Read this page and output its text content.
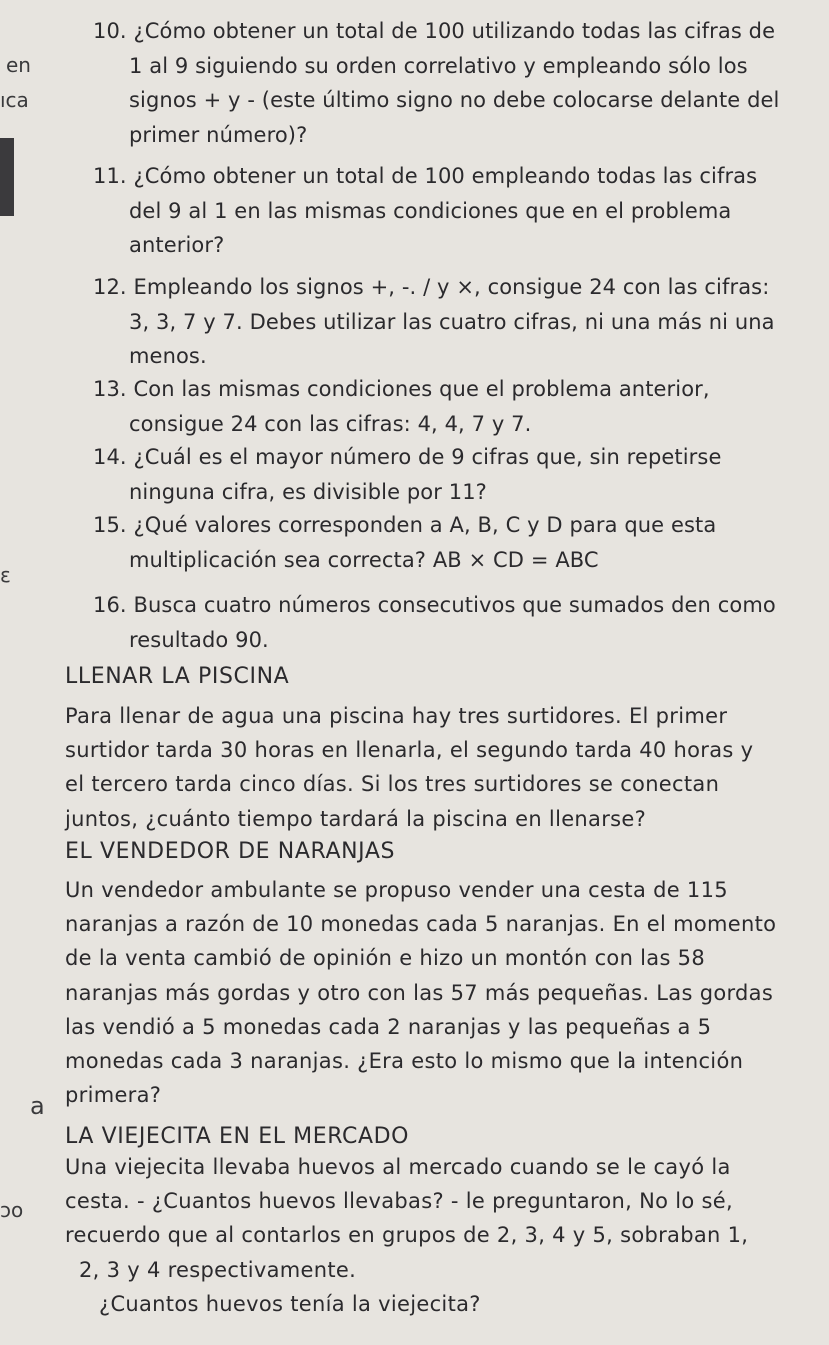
en
ıca
ε
a
ɔo
10. ¿Cómo obtener un total de 100 utilizando todas las cifras de
1 al 9 siguiendo su orden correlativo y empleando sólo los
signos + y - (este último signo no debe colocarse delante del
primer número)?
11. ¿Cómo obtener un total de 100 empleando todas las cifras
del 9 al 1 en las mismas condiciones que en el problema
anterior?
12. Empleando los signos +, -. / y ×, consigue 24 con las cifras:
3, 3, 7 y 7. Debes utilizar las cuatro cifras, ni una más ni una
menos.
13. Con las mismas condiciones que el problema anterior,
consigue 24 con las cifras: 4, 4, 7 y 7.
14. ¿Cuál es el mayor número de 9 cifras que, sin repetirse
ninguna cifra, es divisible por 11?
15. ¿Qué valores corresponden a A, B, C y D para que esta
multiplicación sea correcta? AB × CD = ABC
16. Busca cuatro números consecutivos que sumados den como
resultado 90.
LLENAR LA PISCINA
Para llenar de agua una piscina hay tres surtidores. El primer
surtidor tarda 30 horas en llenarla, el segundo tarda 40 horas y
el tercero tarda cinco días. Si los tres surtidores se conectan
juntos, ¿cuánto tiempo tardará la piscina en llenarse?
EL VENDEDOR DE NARANJAS
Un vendedor ambulante se propuso vender una cesta de 115
naranjas a razón de 10 monedas cada 5 naranjas. En el momento
de la venta cambió de opinión e hizo un montón con las 58
naranjas más gordas y otro con las 57 más pequeñas. Las gordas
las vendió a 5 monedas cada 2 naranjas y las pequeñas a 5
monedas cada 3 naranjas. ¿Era esto lo mismo que la intención
primera?
LA VIEJECITA EN EL MERCADO
Una viejecita llevaba huevos al mercado cuando se le cayó la
cesta. - ¿Cuantos huevos llevabas? - le preguntaron, No lo sé,
recuerdo que al contarlos en grupos de 2, 3, 4 y 5, sobraban 1,
2, 3 y 4 respectivamente.
¿Cuantos huevos tenía la viejecita?
